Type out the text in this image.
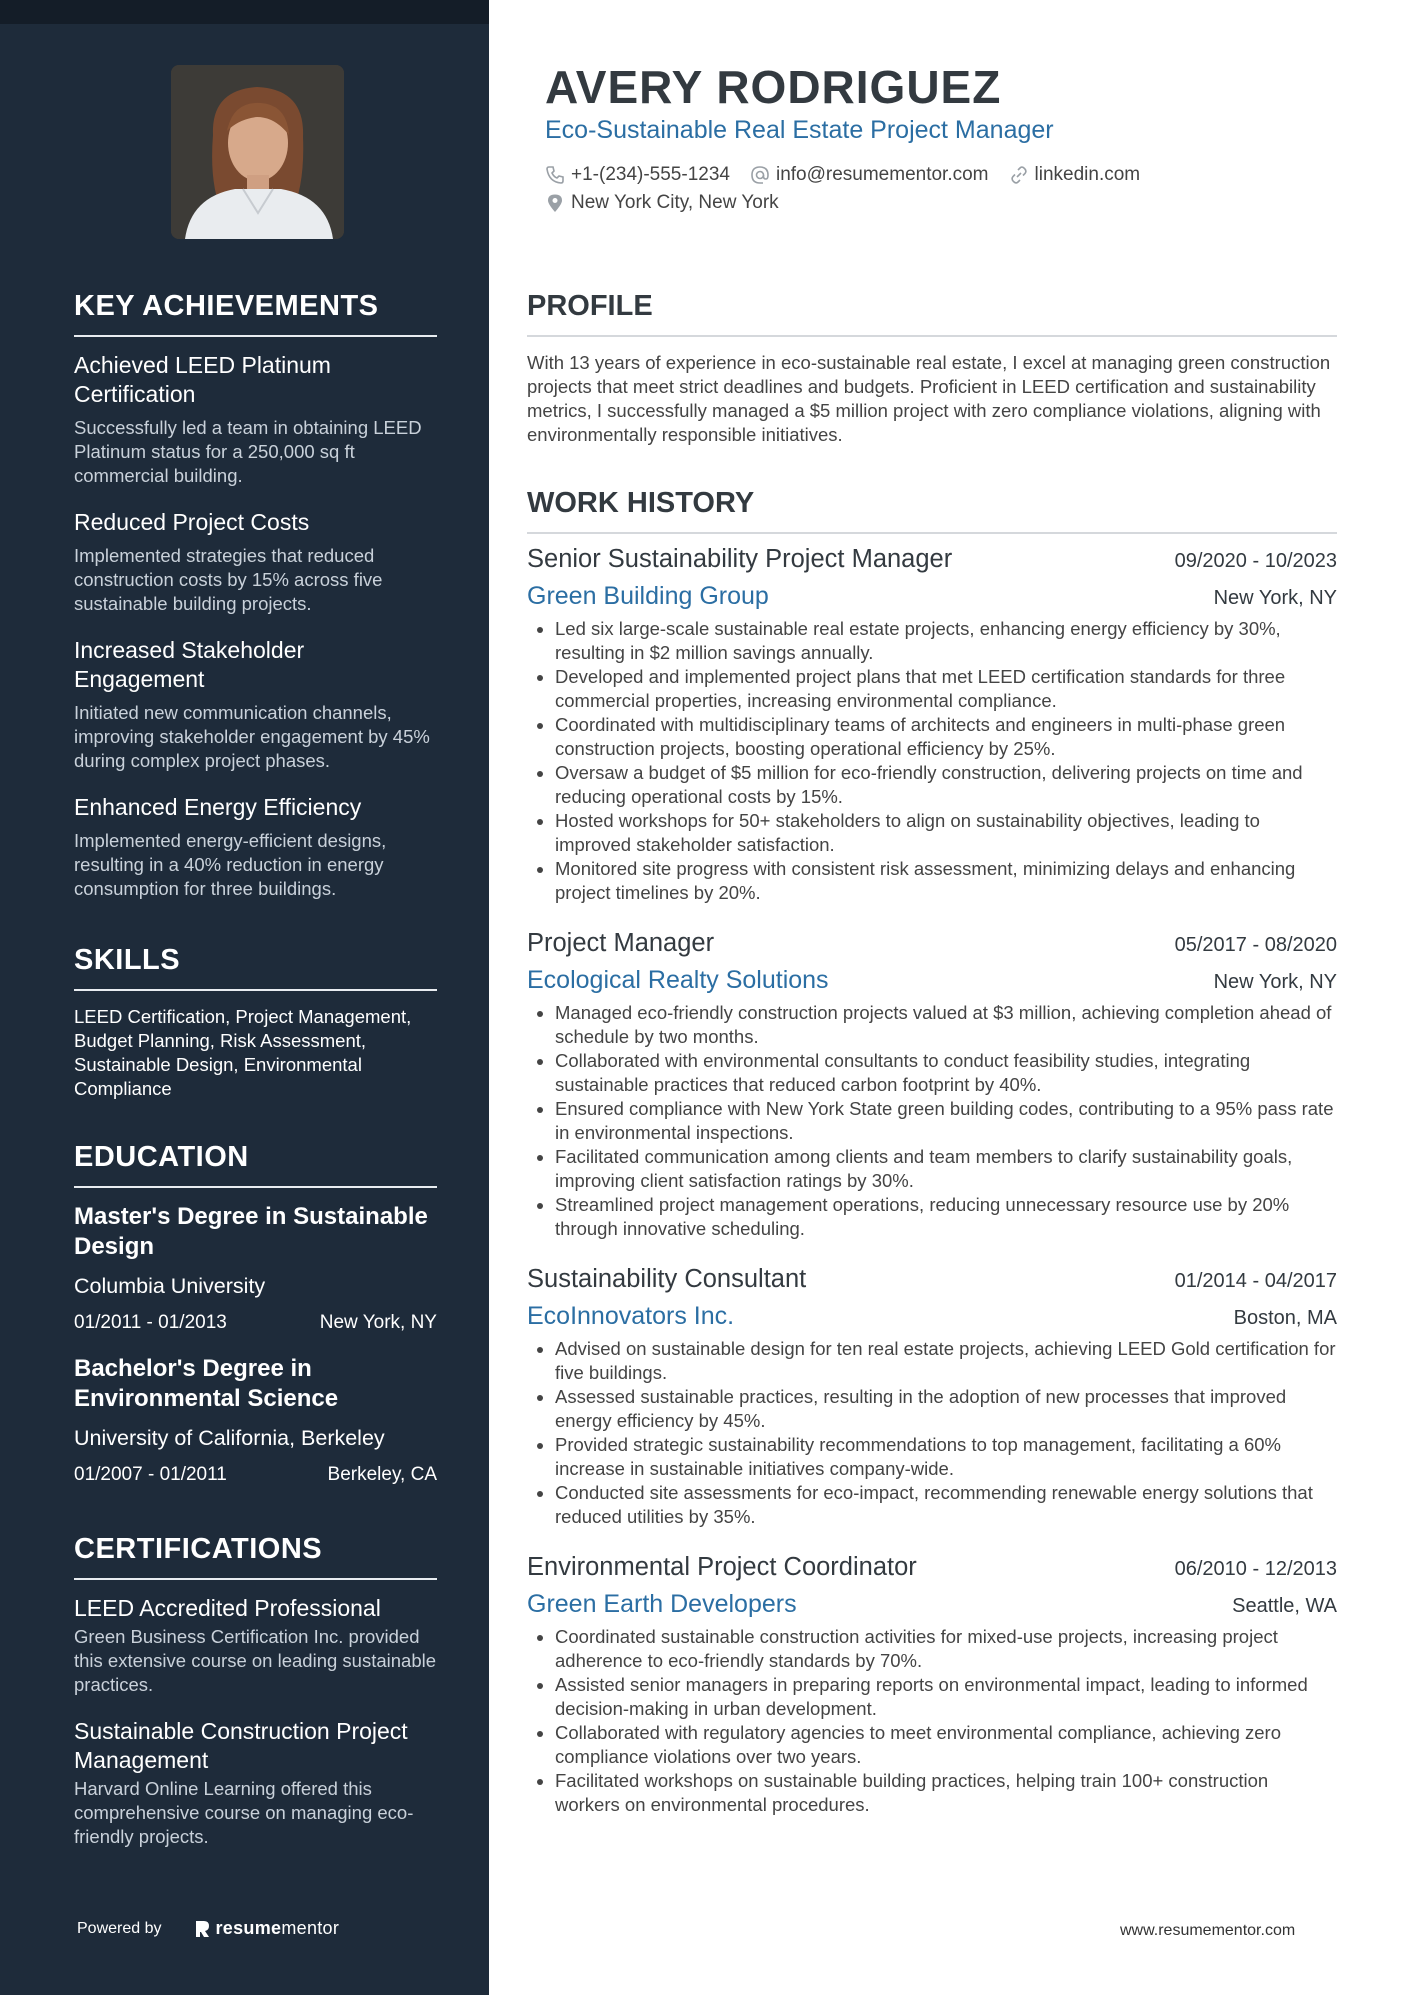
KEY ACHIEVEMENTS
Achieved LEED Platinum Certification
Successfully led a team in obtaining LEED Platinum status for a 250,000 sq ft commercial building.
Reduced Project Costs
Implemented strategies that reduced construction costs by 15% across five sustainable building projects.
Increased Stakeholder Engagement
Initiated new communication channels, improving stakeholder engagement by 45% during complex project phases.
Enhanced Energy Efficiency
Implemented energy-efficient designs, resulting in a 40% reduction in energy consumption for three buildings.
SKILLS
LEED Certification, Project Management, Budget Planning, Risk Assessment, Sustainable Design, Environmental Compliance
EDUCATION
Master's Degree in Sustainable Design
Columbia University
01/2011 - 01/2013	New York, NY
Bachelor's Degree in Environmental Science
University of California, Berkeley
01/2007 - 01/2011	Berkeley, CA
CERTIFICATIONS
LEED Accredited Professional
Green Business Certification Inc. provided this extensive course on leading sustainable practices.
Sustainable Construction Project Management
Harvard Online Learning offered this comprehensive course on managing eco-friendly projects.
Powered by	resumementor
AVERY RODRIGUEZ
Eco-Sustainable Real Estate Project Manager
+1-(234)-555-1234 info@resumementor.com linkedin.com
New York City, New York
PROFILE
With 13 years of experience in eco-sustainable real estate, I excel at managing green construction projects that meet strict deadlines and budgets. Proficient in LEED certification and sustainability metrics, I successfully managed a $5 million project with zero compliance violations, aligning with environmentally responsible initiatives.
WORK HISTORY
Senior Sustainability Project Manager	09/2020 - 10/2023
Green Building Group	New York, NY
• Led six large-scale sustainable real estate projects, enhancing energy efficiency by 30%, resulting in $2 million savings annually.
• Developed and implemented project plans that met LEED certification standards for three commercial properties, increasing environmental compliance.
• Coordinated with multidisciplinary teams of architects and engineers in multi-phase green construction projects, boosting operational efficiency by 25%.
• Oversaw a budget of $5 million for eco-friendly construction, delivering projects on time and reducing operational costs by 15%.
• Hosted workshops for 50+ stakeholders to align on sustainability objectives, leading to improved stakeholder satisfaction.
• Monitored site progress with consistent risk assessment, minimizing delays and enhancing project timelines by 20%.
Project Manager	05/2017 - 08/2020
Ecological Realty Solutions	New York, NY
• Managed eco-friendly construction projects valued at $3 million, achieving completion ahead of schedule by two months.
• Collaborated with environmental consultants to conduct feasibility studies, integrating sustainable practices that reduced carbon footprint by 40%.
• Ensured compliance with New York State green building codes, contributing to a 95% pass rate in environmental inspections.
• Facilitated communication among clients and team members to clarify sustainability goals, improving client satisfaction ratings by 30%.
• Streamlined project management operations, reducing unnecessary resource use by 20% through innovative scheduling.
Sustainability Consultant	01/2014 - 04/2017
EcoInnovators Inc.	Boston, MA
• Advised on sustainable design for ten real estate projects, achieving LEED Gold certification for five buildings.
• Assessed sustainable practices, resulting in the adoption of new processes that improved energy efficiency by 45%.
• Provided strategic sustainability recommendations to top management, facilitating a 60% increase in sustainable initiatives company-wide.
• Conducted site assessments for eco-impact, recommending renewable energy solutions that reduced utilities by 35%.
Environmental Project Coordinator	06/2010 - 12/2013
Green Earth Developers	Seattle, WA
• Coordinated sustainable construction activities for mixed-use projects, increasing project adherence to eco-friendly standards by 70%.
• Assisted senior managers in preparing reports on environmental impact, leading to informed decision-making in urban development.
• Collaborated with regulatory agencies to meet environmental compliance, achieving zero compliance violations over two years.
• Facilitated workshops on sustainable building practices, helping train 100+ construction workers on environmental procedures.
www.resumementor.com
